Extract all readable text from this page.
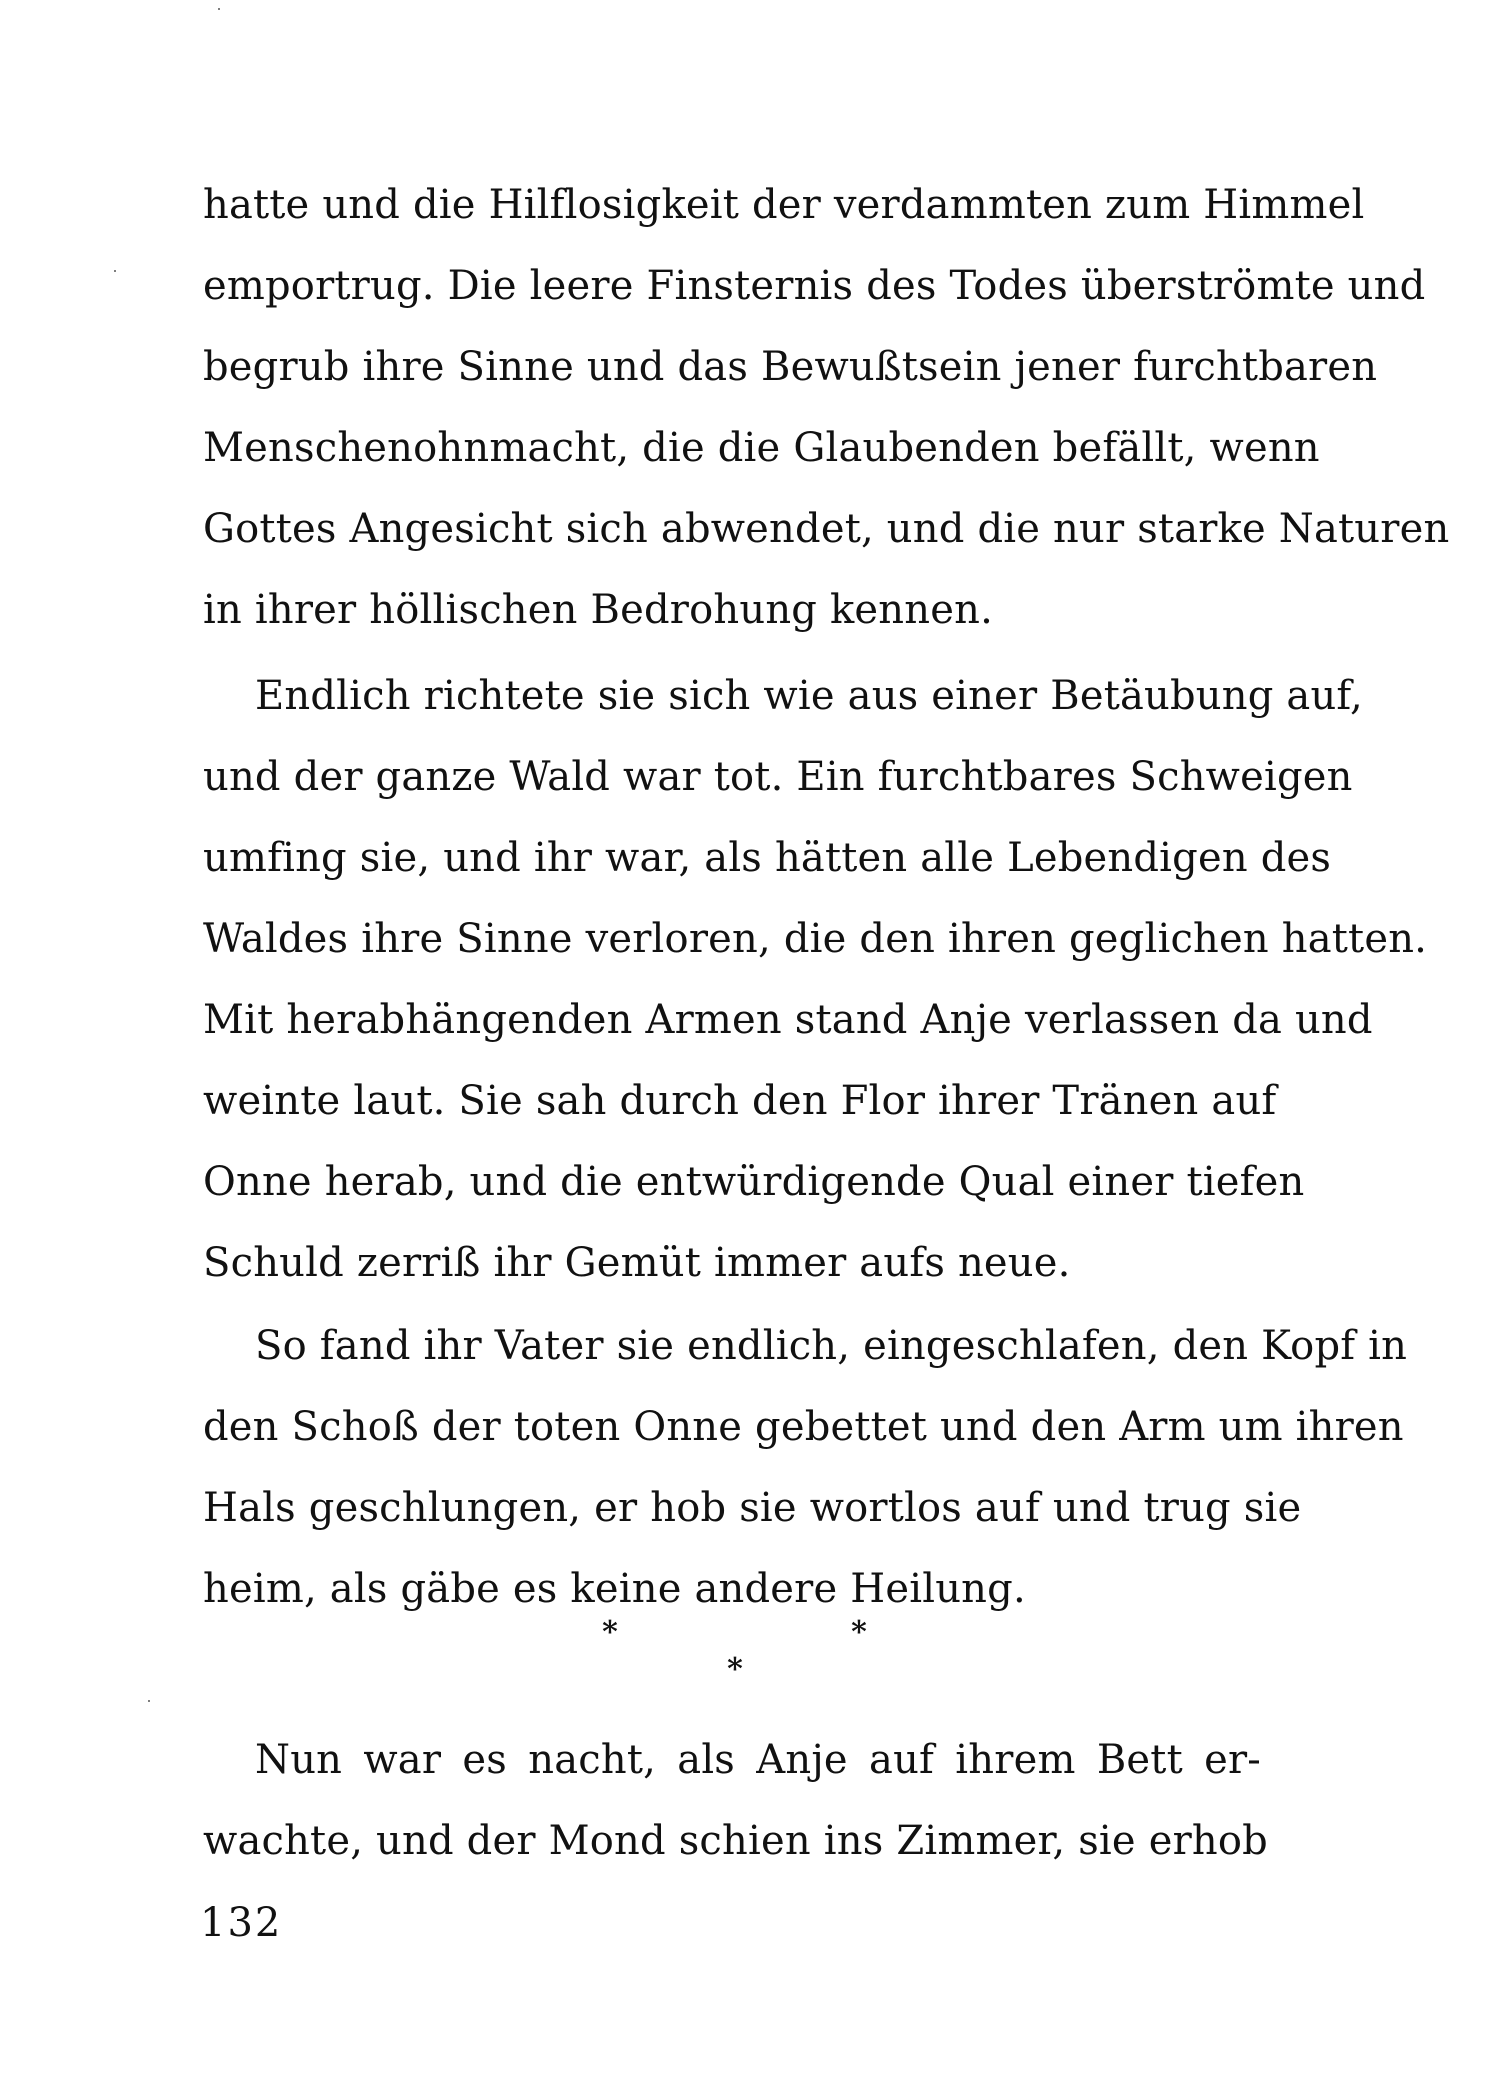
hatte und die Hilflosigkeit der verdammten zum Himmel
emportrug. Die leere Finsternis des Todes überströmte und
begrub ihre Sinne und das Bewußtsein jener furchtbaren
Menschenohnmacht, die die Glaubenden befällt, wenn
Gottes Angesicht sich abwendet, und die nur starke Naturen
in ihrer höllischen Bedrohung kennen.
Endlich richtete sie sich wie aus einer Betäubung auf,
und der ganze Wald war tot. Ein furchtbares Schweigen
umfing sie, und ihr war, als hätten alle Lebendigen des
Waldes ihre Sinne verloren, die den ihren geglichen hatten.
Mit herabhängenden Armen stand Anje verlassen da und
weinte laut. Sie sah durch den Flor ihrer Tränen auf
Onne herab, und die entwürdigende Qual einer tiefen
Schuld zerriß ihr Gemüt immer aufs neue.
So fand ihr Vater sie endlich, eingeschlafen, den Kopf in
den Schoß der toten Onne gebettet und den Arm um ihren
Hals geschlungen, er hob sie wortlos auf und trug sie
heim, als gäbe es keine andere Heilung.
*	*
*
Nun war es nacht, als Anje auf ihrem Bett er-
wachte, und der Mond schien ins Zimmer, sie erhob
132
